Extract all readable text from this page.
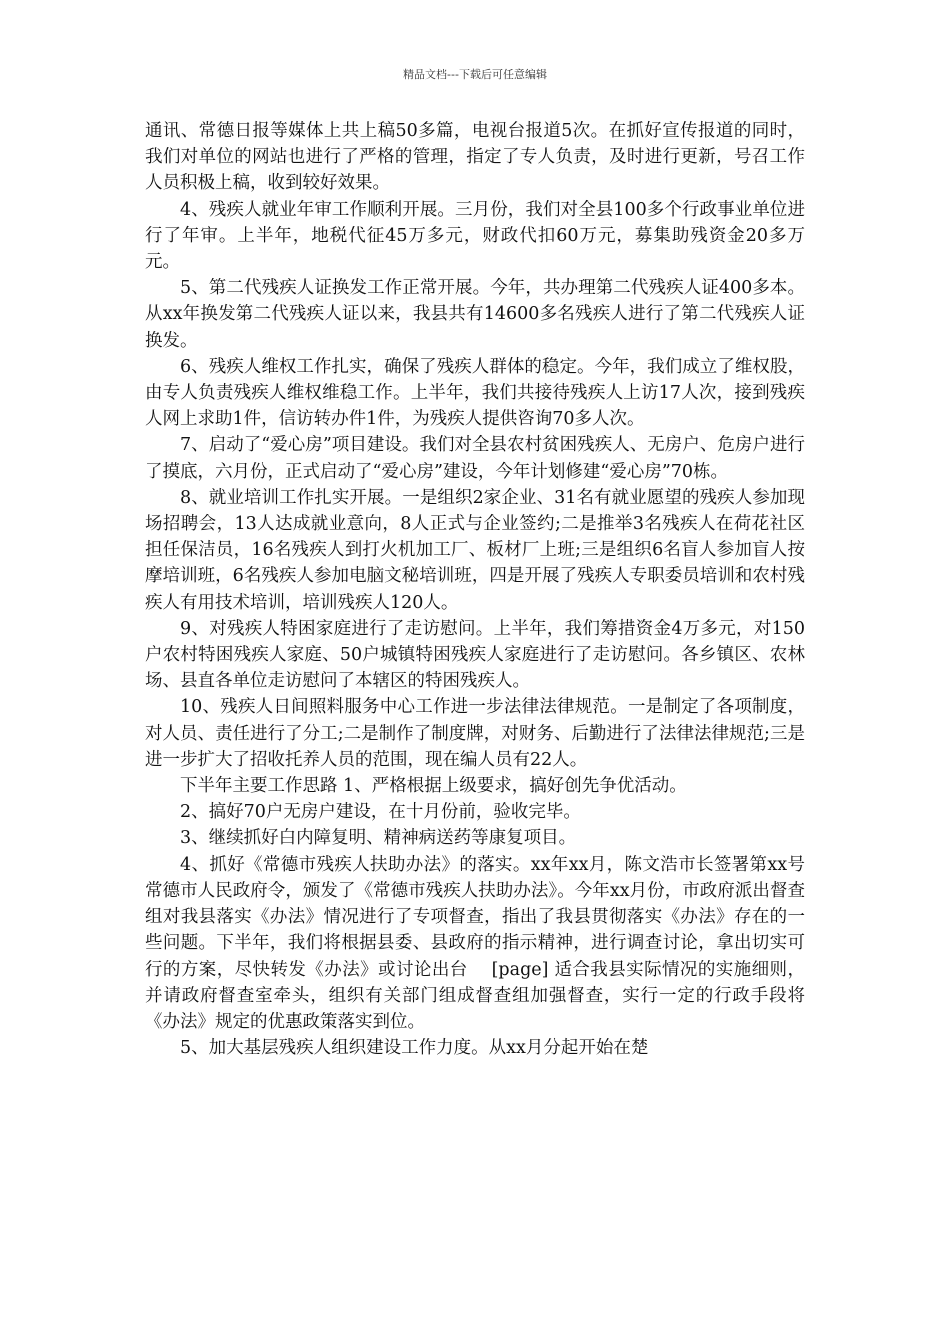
精品文档---下载后可任意编辑

通讯、常德日报等媒体上共上稿50多篇，电视台报道5次。在抓好宣传报道的同时，我们对单位的网站也进行了严格的管理，指定了专人负责，及时进行更新，号召工作人员积极上稿，收到较好效果。

4、残疾人就业年审工作顺利开展。三月份，我们对全县100多个行政事业单位进行了年审。上半年，地税代征45万多元，财政代扣60万元，募集助残资金20多万元。

5、第二代残疾人证换发工作正常开展。今年，共办理第二代残疾人证400多本。从xx年换发第二代残疾人证以来，我县共有14600多名残疾人进行了第二代残疾人证换发。

6、残疾人维权工作扎实，确保了残疾人群体的稳定。今年，我们成立了维权股，由专人负责残疾人维权维稳工作。上半年，我们共接待残疾人上访17人次，接到残疾人网上求助1件，信访转办件1件，为残疾人提供咨询70多人次。

7、启动了“爱心房”项目建设。我们对全县农村贫困残疾人、无房户、危房户进行了摸底，六月份，正式启动了“爱心房”建设，今年计划修建“爱心房”70栋。

8、就业培训工作扎实开展。一是组织2家企业、31名有就业愿望的残疾人参加现场招聘会，13人达成就业意向，8人正式与企业签约;二是推举3名残疾人在荷花社区担任保洁员，16名残疾人到打火机加工厂、板材厂上班;三是组织6名盲人参加盲人按摩培训班，6名残疾人参加电脑文秘培训班，四是开展了残疾人专职委员培训和农村残疾人有用技术培训，培训残疾人120人。

9、对残疾人特困家庭进行了走访慰问。上半年，我们筹措资金4万多元，对150户农村特困残疾人家庭、50户城镇特困残疾人家庭进行了走访慰问。各乡镇区、农林场、县直各单位走访慰问了本辖区的特困残疾人。

10、残疾人日间照料服务中心工作进一步法律法律规范。一是制定了各项制度，对人员、责任进行了分工;二是制作了制度牌，对财务、后勤进行了法律法律规范;三是进一步扩大了招收托养人员的范围，现在编人员有22人。

下半年主要工作思路 1、严格根据上级要求，搞好创先争优活动。

2、搞好70户无房户建设，在十月份前，验收完毕。

3、继续抓好白内障复明、精神病送药等康复项目。

4、抓好《常德市残疾人扶助办法》的落实。xx年xx月，陈文浩市长签署第xx号常德市人民政府令，颁发了《常德市残疾人扶助办法》。今年xx月份，市政府派出督查组对我县落实《办法》情况进行了专项督查，指出了我县贯彻落实《办法》存在的一些问题。下半年，我们将根据县委、县政府的指示精神，进行调查讨论，拿出切实可行的方案，尽快转发《办法》或讨论出台　 [page] 适合我县实际情况的实施细则，并请政府督查室牵头，组织有关部门组成督查组加强督查，实行一定的行政手段将《办法》规定的优惠政策落实到位。

5、加大基层残疾人组织建设工作力度。从xx月分起开始在楚
